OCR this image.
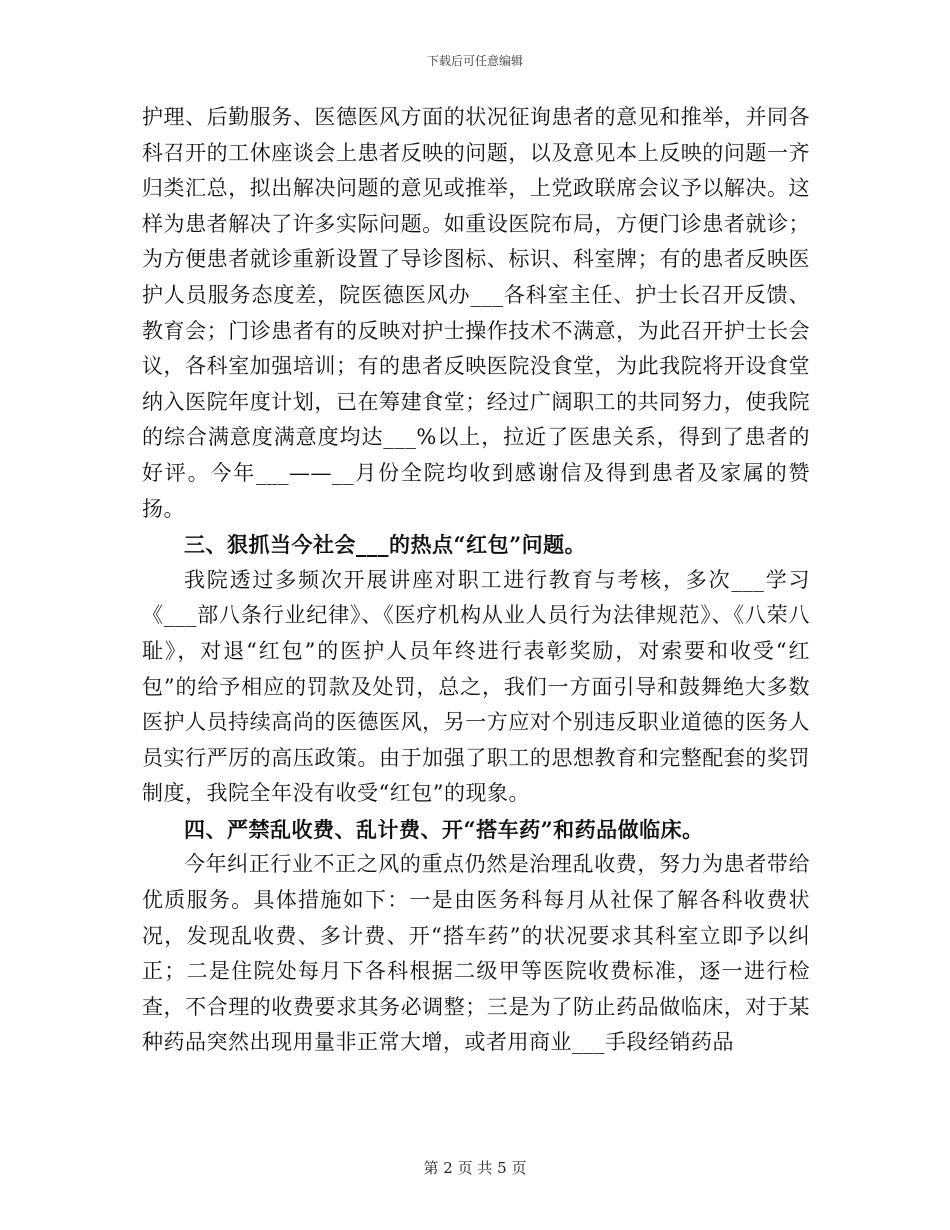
下载后可任意编辑

护理、后勤服务、医德医风方面的状况征询患者的意见和推举，并同各科召开的工休座谈会上患者反映的问题，以及意见本上反映的问题一齐归类汇总，拟出解决问题的意见或推举，上党政联席会议予以解决。这样为患者解决了许多实际问题。如重设医院布局，方便门诊患者就诊；为方便患者就诊重新设置了导诊图标、标识、科室牌；有的患者反映医护人员服务态度差，院医德医风办___各科室主任、护士长召开反馈、教育会；门诊患者有的反映对护士操作技术不满意，为此召开护士长会议，各科室加强培训；有的患者反映医院没食堂，为此我院将开设食堂纳入医院年度计划，已在筹建食堂；经过广阔职工的共同努力，使我院的综合满意度满意度均达___%以上，拉近了医患关系，得到了患者的好评。今年___——__月份全院均收到感谢信及得到患者及家属的赞扬。

三、狠抓当今社会___的热点“红包”问题。

我院透过多频次开展讲座对职工进行教育与考核，多次___学习《___部八条行业纪律》、《医疗机构从业人员行为法律规范》、《八荣八耻》，对退“红包”的医护人员年终进行表彰奖励，对索要和收受“红包”的给予相应的罚款及处罚，总之，我们一方面引导和鼓舞绝大多数医护人员持续高尚的医德医风，另一方应对个别违反职业道德的医务人员实行严厉的高压政策。由于加强了职工的思想教育和完整配套的奖罚制度，我院全年没有收受“红包”的现象。

四、严禁乱收费、乱计费、开“搭车药”和药品做临床。

今年纠正行业不正之风的重点仍然是治理乱收费，努力为患者带给优质服务。具体措施如下：一是由医务科每月从社保了解各科收费状况，发现乱收费、多计费、开“搭车药”的状况要求其科室立即予以纠正；二是住院处每月下各科根据二级甲等医院收费标准，逐一进行检查，不合理的收费要求其务必调整；三是为了防止药品做临床，对于某种药品突然出现用量非正常大增，或者用商业___手段经销药品

第 2 页 共 5 页
